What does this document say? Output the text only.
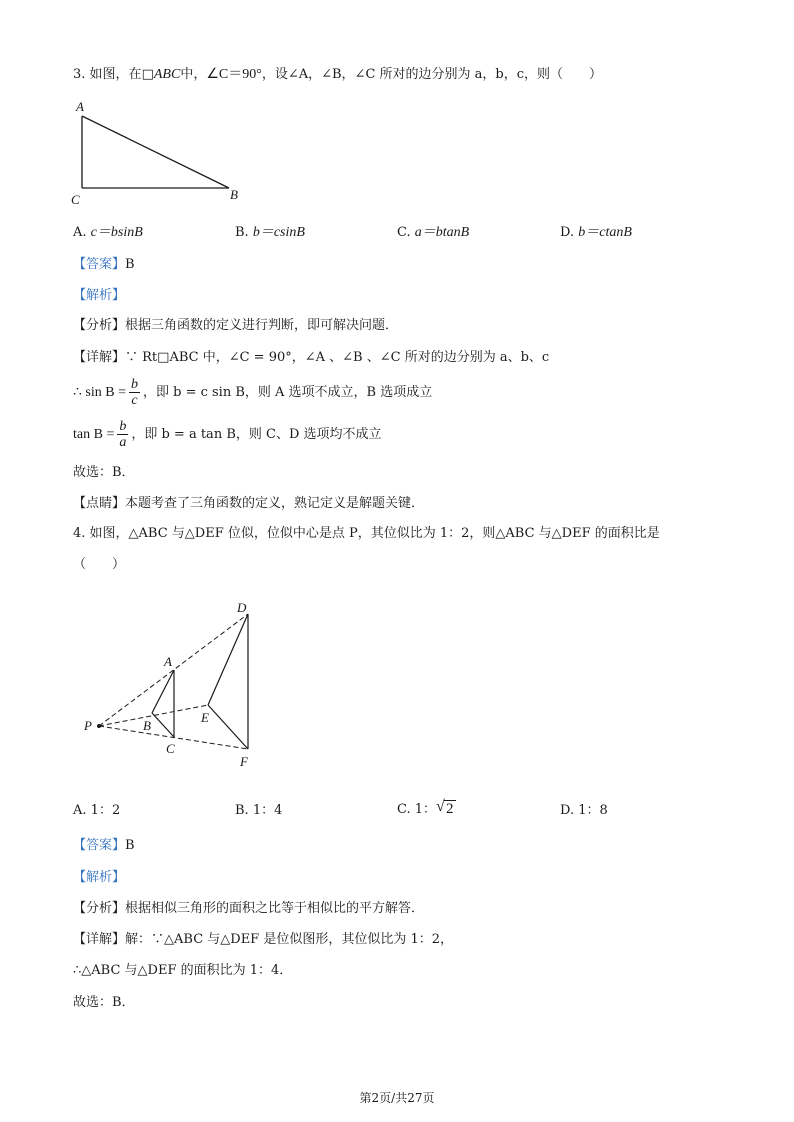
3. 如图，在□ABC中，∠C＝90°，设∠A，∠B，∠C 所对的边分别为 a，b，c，则（　　）
A
C	B
A. c＝bsinB	B. b＝csinB	C. a＝btanB	D. b＝ctanB
【答案】B
【解析】
【分析】根据三角函数的定义进行判断，即可解决问题．
【详解】∵ Rt□ABC 中，∠C = 90°，∠A 、∠B 、∠C 所对的边分别为 a、b、c
∴ $\sin B = \frac{b}{c}$ ，即 b = c sin B，则 A 选项不成立，B 选项成立
$\tan B = \frac{b}{a}$ ，即 b = a tan B，则 C、D 选项均不成立
故选：B．
【点睛】本题考查了三角函数的定义，熟记定义是解题关键．
4. 如图，△ABC 与△DEF 位似，位似中心是点 P，其位似比为 1：2，则△ABC 与△DEF 的面积比是
（　　）
P
A
B
C
D
E
F
A. 1：2	B. 1：4	C. 1： √ 2	D. 1：8
【答案】B
【解析】
【分析】根据相似三角形的面积之比等于相似比的平方解答．
【详解】解：∵△ABC 与△DEF 是位似图形，其位似比为 1：2，
∴△ABC 与△DEF 的面积比为 1：4．
故选：B．
第2页/共27页
